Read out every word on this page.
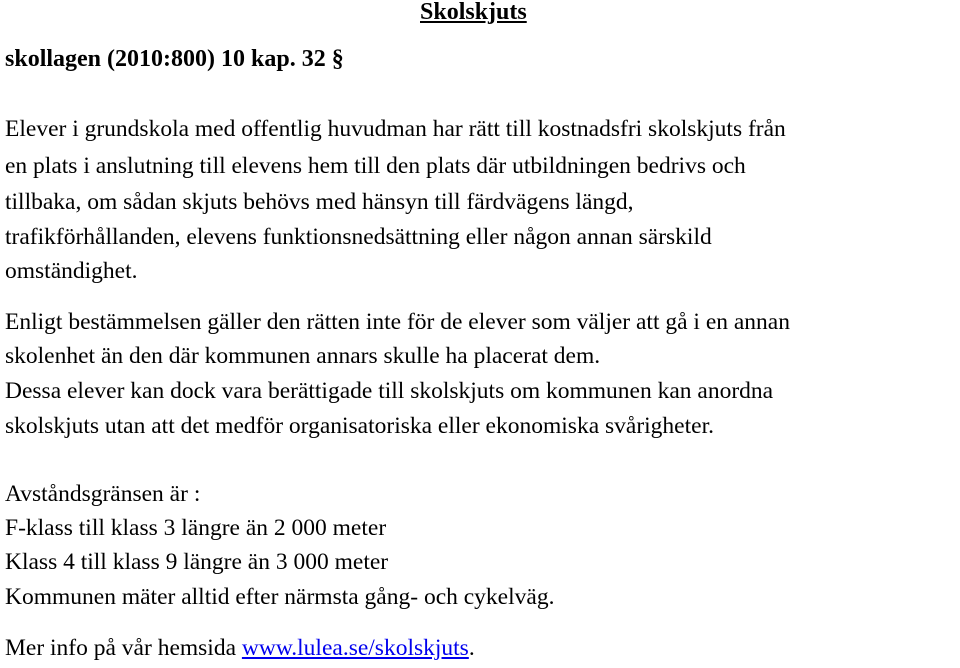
Skolskjuts

skollagen (2010:800) 10 kap. 32 §

Elever i grundskola med offentlig huvudman har rätt till kostnadsfri skolskjuts från

en plats i anslutning till elevens hem till den plats där utbildningen bedrivs och

tillbaka, om sådan skjuts behövs med hänsyn till färdvägens längd,

trafikförhållanden, elevens funktionsnedsättning eller någon annan särskild

omständighet.

Enligt bestämmelsen gäller den rätten inte för de elever som väljer att gå i en annan

skolenhet än den där kommunen annars skulle ha placerat dem.

Dessa elever kan dock vara berättigade till skolskjuts om kommunen kan anordna

skolskjuts utan att det medför organisatoriska eller ekonomiska svårigheter.

Avståndsgränsen är :

F-klass till klass 3 längre än 2 000 meter

Klass 4 till klass 9 längre än 3 000 meter

Kommunen mäter alltid efter närmsta gång- och cykelväg.

Mer info på vår hemsida www.lulea.se/skolskjuts.
